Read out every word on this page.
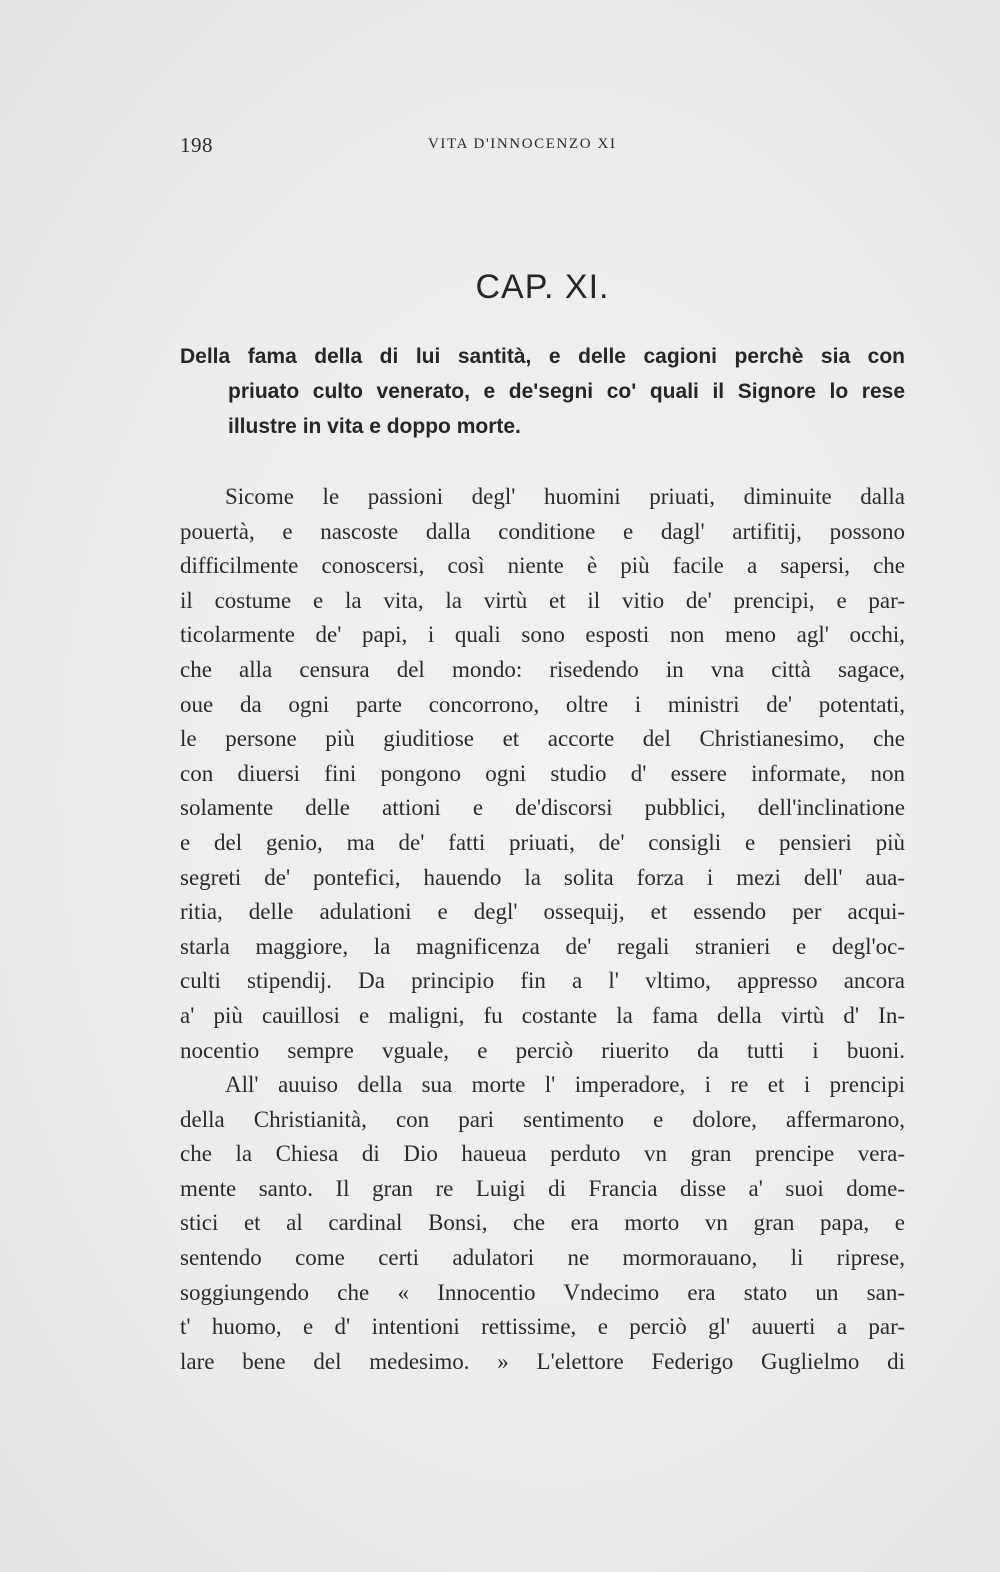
198	VITA D'INNOCENZO XI
CAP. XI.
Della fama della di lui santità, e delle cagioni perchè sia con
priuato culto venerato, e de'segni co' quali il Signore lo rese
illustre in vita e doppo morte.
Sicome le passioni degl' huomini priuati, diminuite dalla
pouertà, e nascoste dalla conditione e dagl' artifitij, possono
difficilmente conoscersi, così niente è più facile a sapersi, che
il costume e la vita, la virtù et il vitio de' prencipi, e par-
ticolarmente de' papi, i quali sono esposti non meno agl' occhi,
che alla censura del mondo: risedendo in vna città sagace,
oue da ogni parte concorrono, oltre i ministri de' potentati,
le persone più giuditiose et accorte del Christianesimo, che
con diuersi fini pongono ogni studio d' essere informate, non
solamente delle attioni e de'discorsi pubblici, dell'inclinatione
e del genio, ma de' fatti priuati, de' consigli e pensieri più
segreti de' pontefici, hauendo la solita forza i mezi dell' aua-
ritia, delle adulationi e degl' ossequij, et essendo per acqui-
starla maggiore, la magnificenza de' regali stranieri e degl'oc-
culti stipendij. Da principio fin a l' vltimo, appresso ancora
a' più cauillosi e maligni, fu costante la fama della virtù d' In-
nocentio sempre vguale, e perciò riuerito da tutti i buoni.
All' auuiso della sua morte l' imperadore, i re et i prencipi
della Christianità, con pari sentimento e dolore, affermarono,
che la Chiesa di Dio haueua perduto vn gran prencipe vera-
mente santo. Il gran re Luigi di Francia disse a' suoi dome-
stici et al cardinal Bonsi, che era morto vn gran papa, e
sentendo come certi adulatori ne mormorauano, li riprese,
soggiungendo che « Innocentio Vndecimo era stato un san-
t' huomo, e d' intentioni rettissime, e perciò gl' auuerti a par-
lare bene del medesimo. » L'elettore Federigo Guglielmo di
